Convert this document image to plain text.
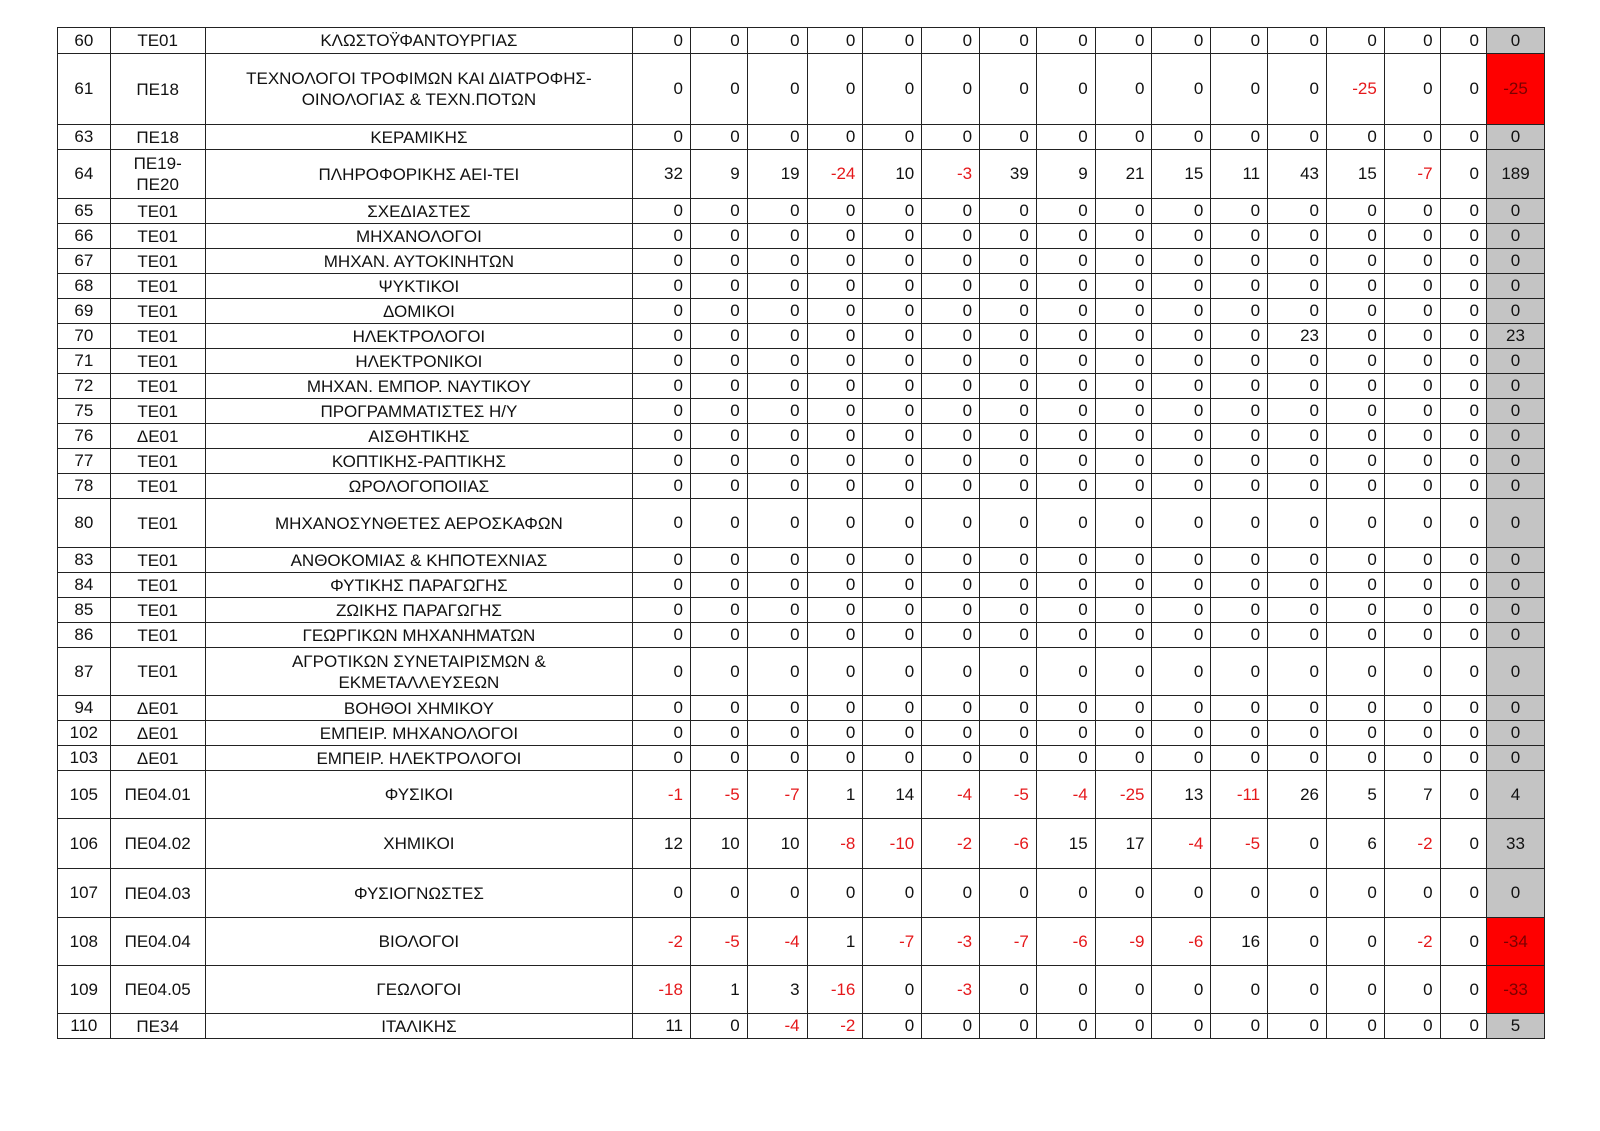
60	ΤΕ01	ΚΛΩΣΤΟΫΦΑΝΤΟΥΡΓΙΑΣ	0	0	0	0	0	0	0	0	0	0	0	0	0	0	0	0
61	ΠΕ18	ΤΕΧΝΟΛΟΓΟΙ ΤΡΟΦΙΜΩΝ ΚΑΙ ΔΙΑΤΡΟΦΗΣ-ΟΙΝΟΛΟΓΙΑΣ & ΤΕΧΝ.ΠΟΤΩΝ	0	0	0	0	0	0	0	0	0	0	0	0	-25	0	0	-25
63	ΠΕ18	ΚΕΡΑΜΙΚΗΣ	0	0	0	0	0	0	0	0	0	0	0	0	0	0	0	0
64	ΠΕ19-ΠΕ20	ΠΛΗΡΟΦΟΡΙΚΗΣ ΑΕΙ-ΤΕΙ	32	9	19	-24	10	-3	39	9	21	15	11	43	15	-7	0	189
65	ΤΕ01	ΣΧΕΔΙΑΣΤΕΣ	0	0	0	0	0	0	0	0	0	0	0	0	0	0	0	0
66	ΤΕ01	ΜΗΧΑΝΟΛΟΓΟΙ	0	0	0	0	0	0	0	0	0	0	0	0	0	0	0	0
67	ΤΕ01	ΜΗΧΑΝ. ΑΥΤΟΚΙΝΗΤΩΝ	0	0	0	0	0	0	0	0	0	0	0	0	0	0	0	0
68	ΤΕ01	ΨΥΚΤΙΚΟΙ	0	0	0	0	0	0	0	0	0	0	0	0	0	0	0	0
69	ΤΕ01	ΔΟΜΙΚΟΙ	0	0	0	0	0	0	0	0	0	0	0	0	0	0	0	0
70	ΤΕ01	ΗΛΕΚΤΡΟΛΟΓΟΙ	0	0	0	0	0	0	0	0	0	0	0	23	0	0	0	23
71	ΤΕ01	ΗΛΕΚΤΡΟΝΙΚΟΙ	0	0	0	0	0	0	0	0	0	0	0	0	0	0	0	0
72	ΤΕ01	ΜΗΧΑΝ. ΕΜΠΟΡ. ΝΑΥΤΙΚΟΥ	0	0	0	0	0	0	0	0	0	0	0	0	0	0	0	0
75	ΤΕ01	ΠΡΟΓΡΑΜΜΑΤΙΣΤΕΣ Η/Υ	0	0	0	0	0	0	0	0	0	0	0	0	0	0	0	0
76	ΔΕ01	ΑΙΣΘΗΤΙΚΗΣ	0	0	0	0	0	0	0	0	0	0	0	0	0	0	0	0
77	ΤΕ01	ΚΟΠΤΙΚΗΣ-ΡΑΠΤΙΚΗΣ	0	0	0	0	0	0	0	0	0	0	0	0	0	0	0	0
78	ΤΕ01	ΩΡΟΛΟΓΟΠΟΙΙΑΣ	0	0	0	0	0	0	0	0	0	0	0	0	0	0	0	0
80	ΤΕ01	ΜΗΧΑΝΟΣΥΝΘΕΤΕΣ ΑΕΡΟΣΚΑΦΩΝ	0	0	0	0	0	0	0	0	0	0	0	0	0	0	0	0
83	ΤΕ01	ΑΝΘΟΚΟΜΙΑΣ & ΚΗΠΟΤΕΧΝΙΑΣ	0	0	0	0	0	0	0	0	0	0	0	0	0	0	0	0
84	ΤΕ01	ΦΥΤΙΚΗΣ ΠΑΡΑΓΩΓΗΣ	0	0	0	0	0	0	0	0	0	0	0	0	0	0	0	0
85	ΤΕ01	ΖΩΙΚΗΣ ΠΑΡΑΓΩΓΗΣ	0	0	0	0	0	0	0	0	0	0	0	0	0	0	0	0
86	ΤΕ01	ΓΕΩΡΓΙΚΩΝ ΜΗΧΑΝΗΜΑΤΩΝ	0	0	0	0	0	0	0	0	0	0	0	0	0	0	0	0
87	ΤΕ01	ΑΓΡΟΤΙΚΩΝ ΣΥΝΕΤΑΙΡΙΣΜΩΝ & ΕΚΜΕΤΑΛΛΕΥΣΕΩΝ	0	0	0	0	0	0	0	0	0	0	0	0	0	0	0	0
94	ΔΕ01	ΒΟΗΘΟΙ ΧΗΜΙΚΟΥ	0	0	0	0	0	0	0	0	0	0	0	0	0	0	0	0
102	ΔΕ01	ΕΜΠΕΙΡ. ΜΗΧΑΝΟΛΟΓΟΙ	0	0	0	0	0	0	0	0	0	0	0	0	0	0	0	0
103	ΔΕ01	ΕΜΠΕΙΡ. ΗΛΕΚΤΡΟΛΟΓΟΙ	0	0	0	0	0	0	0	0	0	0	0	0	0	0	0	0
105	ΠΕ04.01	ΦΥΣΙΚΟΙ	-1	-5	-7	1	14	-4	-5	-4	-25	13	-11	26	5	7	0	4
106	ΠΕ04.02	ΧΗΜΙΚΟΙ	12	10	10	-8	-10	-2	-6	15	17	-4	-5	0	6	-2	0	33
107	ΠΕ04.03	ΦΥΣΙΟΓΝΩΣΤΕΣ	0	0	0	0	0	0	0	0	0	0	0	0	0	0	0	0
108	ΠΕ04.04	ΒΙΟΛΟΓΟΙ	-2	-5	-4	1	-7	-3	-7	-6	-9	-6	16	0	0	-2	0	-34
109	ΠΕ04.05	ΓΕΩΛΟΓΟΙ	-18	1	3	-16	0	-3	0	0	0	0	0	0	0	0	0	-33
110	ΠΕ34	ΙΤΑΛΙΚΗΣ	11	0	-4	-2	0	0	0	0	0	0	0	0	0	0	0	5
